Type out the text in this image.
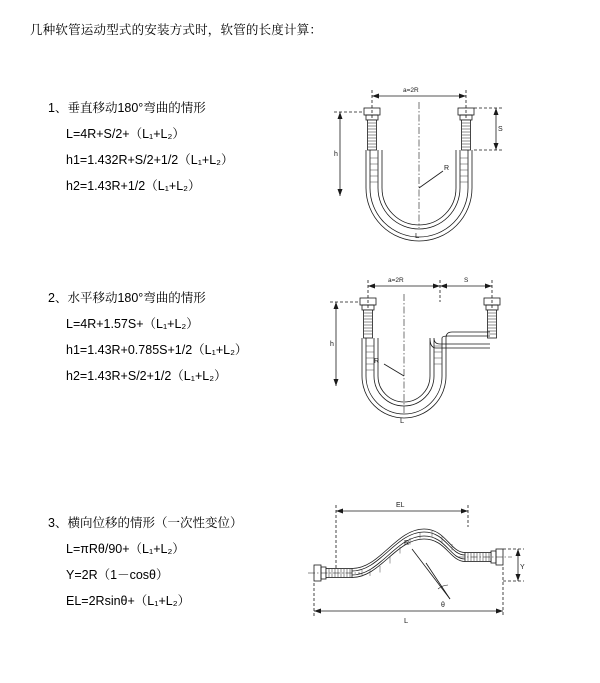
几种软管运动型式的安装方式时，软管的长度计算：
1、垂直移动180°弯曲的情形
L=4R+S/2+（L₁+L₂）
h1=1.432R+S/2+1/2（L₁+L₂）
h2=1.43R+1/2（L₁+L₂）
a=2R
R
h
S
L
2、水平移动180°弯曲的情形
L=4R+1.57S+（L₁+L₂）
h1=1.43R+0.785S+1/2（L₁+L₂）
h2=1.43R+S/2+1/2（L₁+L₂）
a=2R	S
R
h
L
3、横向位移的情形（一次性变位）
L=πRθ/90+（L₁+L₂）
Y=2R（1－cosθ）
EL=2Rsinθ+（L₁+L₂）
EL
θ
R
Y
L
